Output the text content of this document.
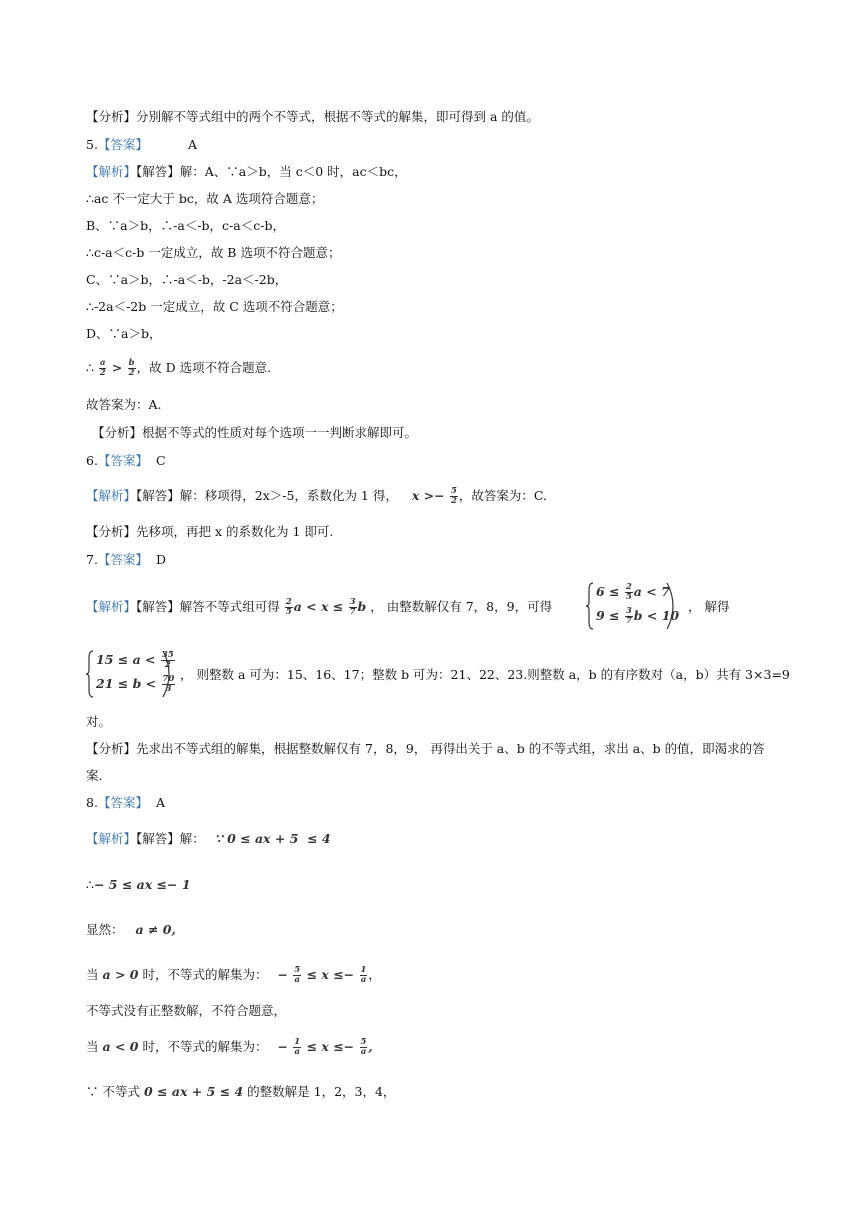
【分析】分别解不等式组中的两个不等式，根据不等式的解集，即可得到 a 的值。
5.【答案】	A
【解析】【解答】解：A、∵a＞b，当 c＜0 时，ac＜bc，
∴ac 不一定大于 bc，故 A 选项符合题意；
B、∵a＞b，∴-a＜-b，c-a＜c-b，
∴c-a＜c-b 一定成立，故 B 选项不符合题意；
C、∵a＞b，∴-a＜-b，-2a＜-2b，
∴-2a＜-2b 一定成立，故 C 选项不符合题意；
D、∵a＞b，
∴ $\frac{a}{2} > \frac{b}{2}$ ，故 D 选项不符合题意.
故答案为：A.
【分析】根据不等式的性质对每个选项一一判断求解即可。
6.【答案】 C
【解析】【解答】解：移项得，2x＞-5，系数化为 1 得， $x >- \frac{5}{2}$ ，故答案为：C.
【分析】先移项，再把 x 的系数化为 1 即可.
7.【答案】 D
【解析】【解答】解答不等式组可得 $\frac{2}{5}$ $a < x \le \frac{3}{7}$ b ， 由整数解仅有 7，8，9，可得
$6 \le \frac{2}{5}$ a < 7
$9 \le \frac{3}{7}$ b < 10
， 解得
$15 \le a < \frac{35}{2}$
$21 \le b < \frac{70}{3}$
， 则整数 a 可为：15、16、17；整数 b 可为：21、22、23.则整数 a，b 的有序数对（a，b）共有 3×3=9
对。
【分析】先求出不等式组的解集，根据整数解仅有 7，8，9， 再得出关于 a、b 的不等式组，求出 a、b 的值，即渴求的答
案.
8.【答案】 A
【解析】【解答】解： ∵ 0 ≤ ax + 5  ≤ 4
∴− 5 ≤ ax ≤− 1
显然： a ≠ 0,
当 a > 0 时，不等式的解集为： − $\frac{5}{a} \le x \le- \frac{1}{a}$ ，
不等式没有正整数解，不符合题意，
当 a < 0 时，不等式的解集为： − $\frac{1}{a} \le x \le- \frac{5}{a}$ ,
∵ 不等式 0 ≤ ax + 5 ≤ 4 的整数解是 1，2，3，4，
